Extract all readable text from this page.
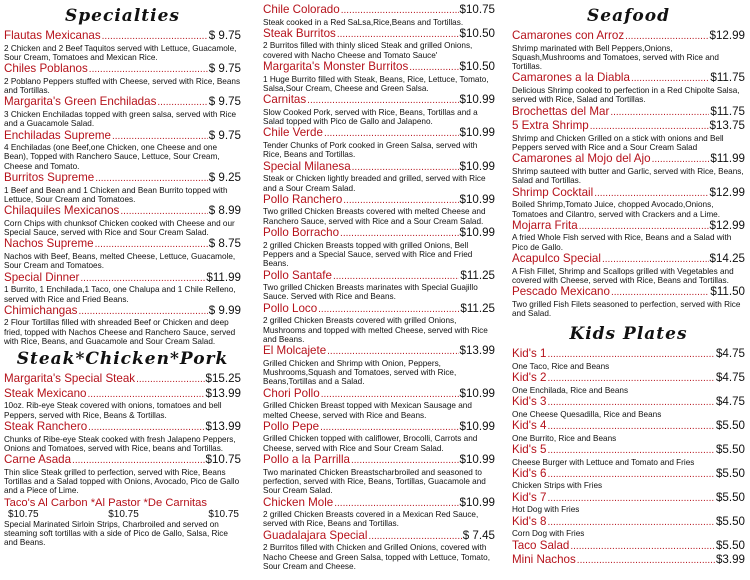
Specialties
Flautas Mexicanas .....	$ 9.75

2 Chicken and 2 Beef Taquitos served with Lettuce, Guacamole, Sour Cream, Tomatoes and Mexican Rice.

Chiles Poblanos .....	$ 9.75

2 Poblano Peppers stuffed with Cheese, served with Rice, Beans and Tortillas.

Margarita's Green Enchiladas .....	$ 9.75

3 Chicken Enchiladas topped with green salsa, served with Rice and a Guacamole Salad.

Enchiladas Supreme .....	$ 9.75

4 Enchiladas (one Beef,one Chicken, one Cheese and one Bean), Topped with Ranchero Sauce, Lettuce, Sour Cream, Cheese and Tomato.

Burritos Supreme .....	$ 9.25

1 Beef and Bean and 1 Chicken and Bean Burrito topped with Lettuce, Sour Cream and Tomatoes.

Chilaquiles Mexicanos .....	$ 8.99

Corn Chips with chunksof Chicken cooked with Cheese and our Special Sauce, served with Rice and Sour Cream Salad.

Nachos Supreme .....	$ 8.75

Nachos with Beef, Beans, melted Cheese, Lettuce, Guacamole, Sour Cream and Tomatoes.

Special Dinner .....	$11.99

1 Burrito, 1 Enchilada,1 Taco, one Chalupa and 1 Chile Relleno, served with Rice and Fried Beans.

Chimichangas .....	$ 9.99

2 Flour Tortillas filled with shreaded Beef or Chicken and deep fried, topped with Nachos Cheese and Ranchero Sauce, served with Rice, Beans, and Guacamole and Sour Cream Salad.

Steak*Chicken*Pork
Margarita's Special Steak .....	$15.25
Steak Mexicano .....	$13.99

10oz. Rib-eye Steak covered with onions, tomatoes and bell Peppers, served with Rice, Beans & Tortillas.

Steak Ranchero .....	$13.99

Chunks of Ribe-eye Steak cooked with fresh Jalapeno Peppers, Onions and Tomatoes, served with Rice, beans and Tortillas.

Carne Asada .....	$10.75

Thin slice Steak grilled to perfection, served with Rice, Beans Tortillas and a Salad topped with Onions, Avocado, Pico de Gallo and a Piece of Lime.

Taco's Al Carbon *Al Pastor *De Carnitas
$10.75	$10.75	$10.75

Special Marinated Sirloin Strips, Charbroiled and served on steaming soft tortillas with a side of Pico de Gallo, Salsa, Rice and Beans.

Chile Colorado .....	$10.75

Steak cooked in a Red SaLsa,Rice,Beans and Tortillas.

Steak Burritos .....	$10.50

2 Burritos filled with thinly sliced Steak and grilled Onions, covered with Nacho Cheese and Tomato Sauce'

Margarita's Monster Burritos .....	$10.50

1 Huge Burrito filled with Steak, Beans, Rice, Lettuce, Tomato, Salsa,Sour Cream, Cheese and Green Salsa.

Carnitas .....	$10.99

Slow Cooked Pork, served with Rice, Beans, Tortillas and a Salad topped with Pico de Gallo and Jalapeno.

Chile Verde .....	$10.99

Tender Chunks of Pork cooked in Green Salsa, served with Rice, Beans and Tortillas.

Special Milanesa .....	$10.99

Steak or Chicken lightly breaded and grilled, served with Rice and a Sour Cream Salad.

Pollo Ranchero .....	$10.99

Two grilled Chicken Breasts covered with melted Cheese and Ranchero Sauce, served with Rice and a Sour Cream Salad.

Pollo Borracho .....	$10.99

2 grilled Chicken Breasts topped with grilled Onions, Bell Peppers and a Special Sauce, served with Rice and Fried Beans.

Pollo Santafe .....	$11.25

Two grilled Chicken Breasts marinates with Special Guajillo Sauce. Served with Rice and Beans.

Pollo Loco .....	$11.25

2 grilled Chicken Breasts covered with grilled Onions, Mushrooms and topped with melted Cheese, served with Rice and Beans.

El Molcajete .....	$13.99

Grilled Chicken and Shrimp with Onion, Peppers, Mushrooms,Squash and Tomatoes, served with Rice, Beans,Tortillas and a Salad.

Chori Pollo .....	$10.99

Grilled Chicken Breast topped with Mexican Sausage and melted Cheese, served with Rice and Beans.

Pollo Pepe .....	$10.99

Grilled Chicken topped with califlower, Brocolli, Carrots and Cheese, served with Rice and Sour Cream Salad.

Pollo a la Parrilla .....	$10.99

Two marinated Chicken Breastscharbroiled and seasoned to perfection, served with Rice, Beans, Tortillas, Guacamole and Sour Cream Salad.

Chicken Mole .....	$10.99

2 grilled Chicken Breasts covered in a Mexican Red Sauce, served with Rice, Beans and Tortillas.

Guadalajara Special .....	$ 7.45

2 Burritos filled with Chicken and Grilled Onions, covered with Nacho Cheese and Green Salsa, topped with Lettuce, Tomato, Sour Cream and Cheese.

Seafood
Camarones con Arroz .....	$12.99

Shrimp marinated with Bell Peppers,Onions, Squash,Mushrooms and Tomatoes, served with Rice and Tortillas.

Camarones a la Diabla .....	$11.75

Delicious Shrimp cooked to perfection in a Red Chipolte Salsa, served with Rice, Salad and Tortillas.

Brochettas del Mar .....	$11.75
5 Extra Shrimp .....	$13.75

Shrimp and Chicken Grilled on a stick with onions and Bell Peppers served with Rice and a Sour Cream Salad

Camarones al Mojo del Ajo .....	$11.99

Shrimp sauteed with butter and Garlic, served with Rice, Beans, Salad and Tortillas.

Shrimp Cocktail .....	$12.99

Boiled Shrimp,Tomato Juice, chopped Avocado,Onions, Tomatoes and Cilantro, served with Crackers and a Lime.

Mojarra Frita .....	$12.99

A fried Whole Fish served with Rice, Beans and a Salad with Pico de Gallo.

Acapulco Special .....	$14.25

A Fish Fillet, Shrimp and Scallops grilled with Vegetables and covered with Cheese, served with Rice, Beans and Tortillas.

Pescado Mexicano .....	$11.50

Two grilled Fish Filets seasoned to perfection, served with Rice and Salad.

Kids Plates
Kid's 1 .....	$4.75

One Taco, Rice and Beans

Kid's 2 .....	$4.75

One Enchilada, Rice and Beans

Kid's 3 .....	$4.75

One Cheese Quesadilla, Rice and Beans

Kid's 4 .....	$5.50

One Burrito, Rice and Beans

Kid's 5 .....	$5.50

Cheese Burger with Lettuce and Tomato and Fries

Kid's 6 .....	$5.50

Chicken Strips with Fries

Kid's 7 .....	$5.50

Hot Dog with Fries

Kid's 8 .....	$5.50

Corn Dog with Fries

Taco Salad .....	$5.50
Mini Nachos .....	$3.99
